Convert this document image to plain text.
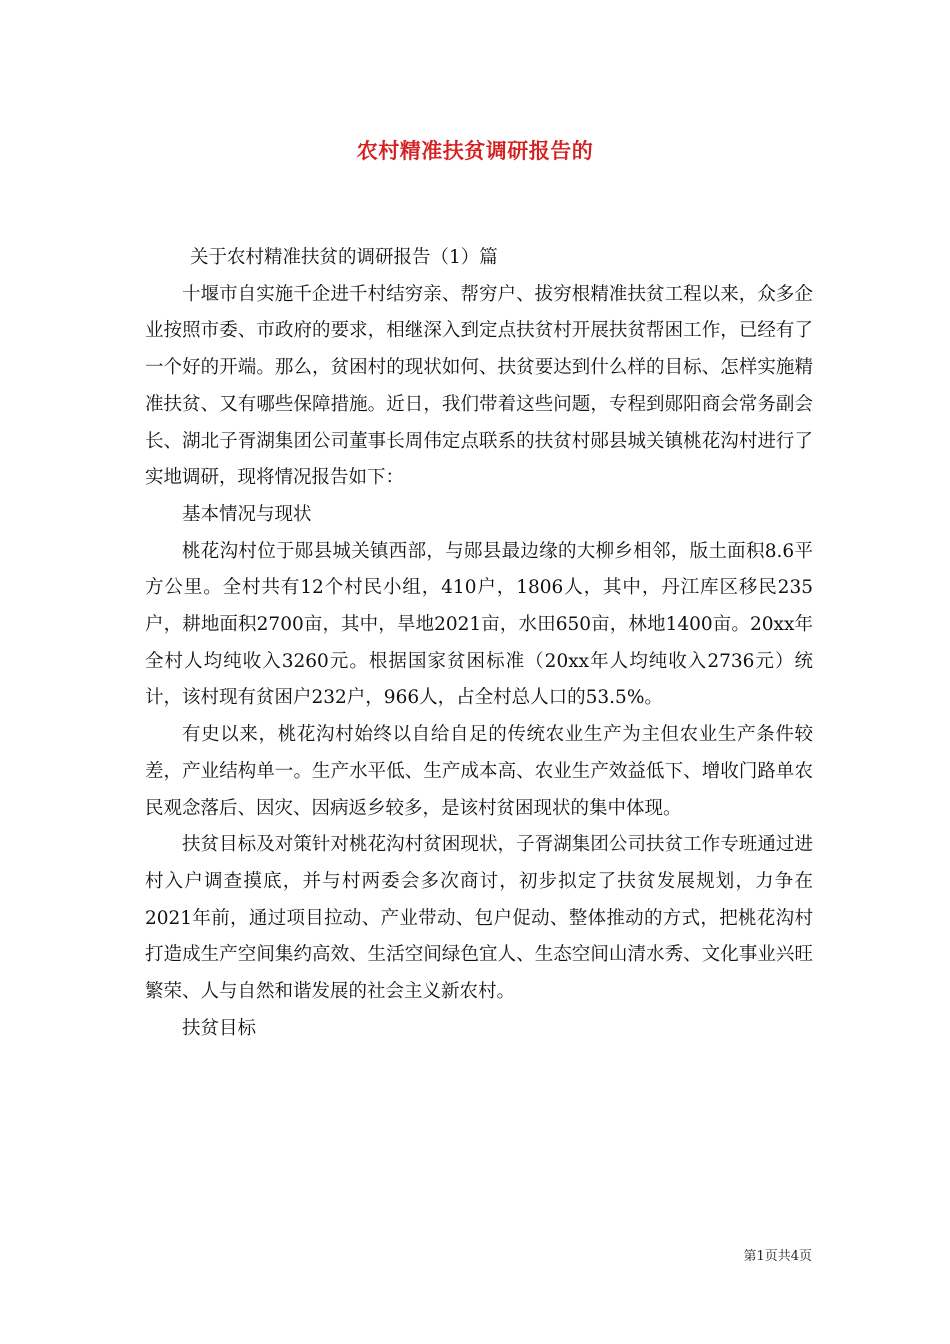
农村精准扶贫调研报告的

关于农村精准扶贫的调研报告（1）篇

十堰市自实施千企进千村结穷亲、帮穷户、拔穷根精准扶贫工程以来，众多企业按照市委、市政府的要求，相继深入到定点扶贫村开展扶贫帮困工作，已经有了一个好的开端。那么，贫困村的现状如何、扶贫要达到什么样的目标、怎样实施精准扶贫、又有哪些保障措施。近日，我们带着这些问题，专程到郧阳商会常务副会长、湖北子胥湖集团公司董事长周伟定点联系的扶贫村郧县城关镇桃花沟村进行了实地调研，现将情况报告如下：

基本情况与现状

桃花沟村位于郧县城关镇西部，与郧县最边缘的大柳乡相邻，版土面积8.6平方公里。全村共有12个村民小组，410户，1806人，其中，丹江库区移民235户，耕地面积2700亩，其中，旱地2021亩，水田650亩，林地1400亩。20xx年全村人均纯收入3260元。根据国家贫困标准（20xx年人均纯收入2736元）统计，该村现有贫困户232户，966人，占全村总人口的53.5%。

有史以来，桃花沟村始终以自给自足的传统农业生产为主但农业生产条件较差，产业结构单一。生产水平低、生产成本高、农业生产效益低下、增收门路单农民观念落后、因灾、因病返乡较多，是该村贫困现状的集中体现。

扶贫目标及对策针对桃花沟村贫困现状，子胥湖集团公司扶贫工作专班通过进村入户调查摸底，并与村两委会多次商讨，初步拟定了扶贫发展规划，力争在2021年前，通过项目拉动、产业带动、包户促动、整体推动的方式，把桃花沟村打造成生产空间集约高效、生活空间绿色宜人、生态空间山清水秀、文化事业兴旺繁荣、人与自然和谐发展的社会主义新农村。

扶贫目标

第1页共4页
